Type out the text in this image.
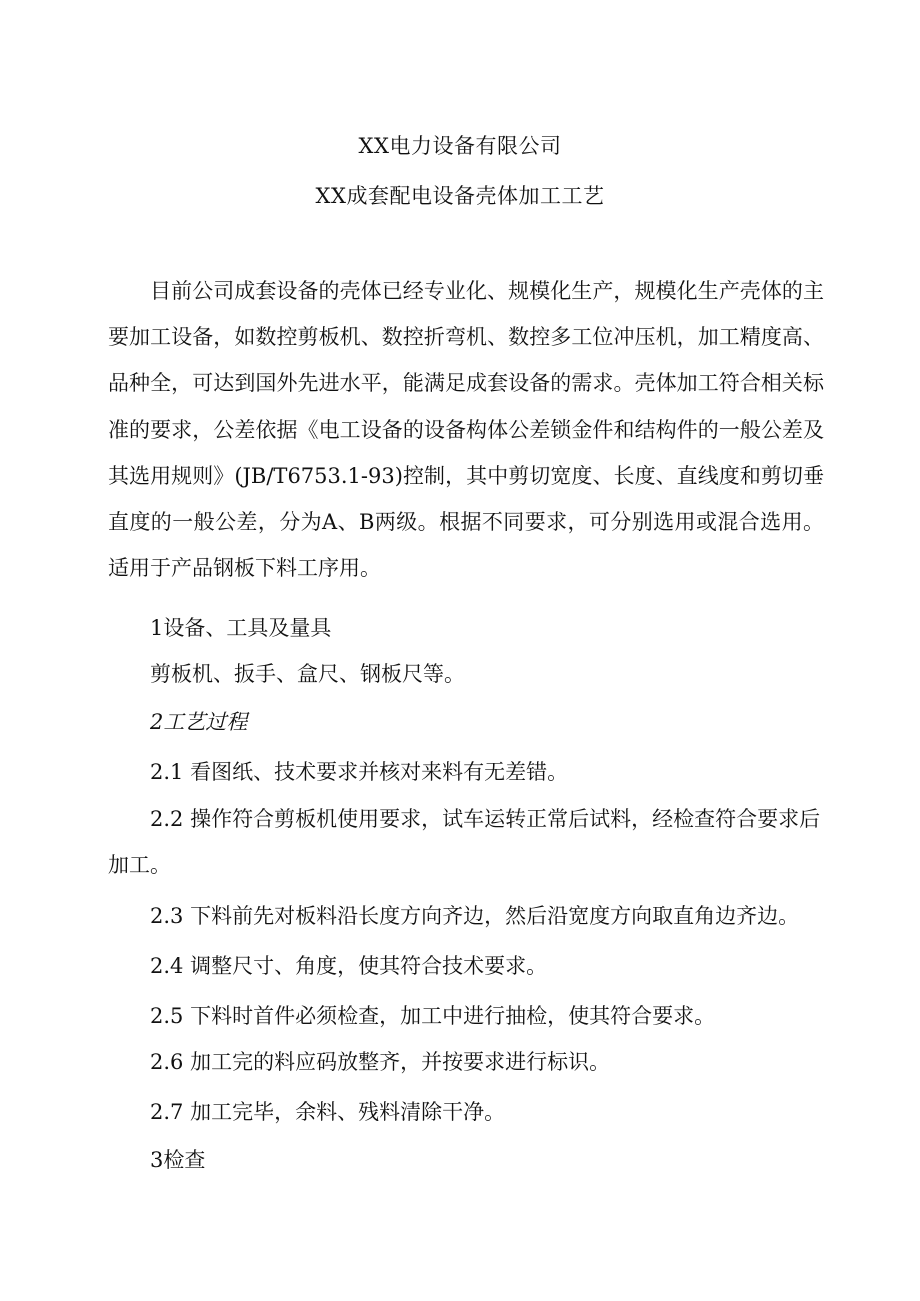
XX电力设备有限公司
XX成套配电设备壳体加工工艺

目前公司成套设备的壳体已经专业化、规模化生产，规模化生产壳体的主要加工设备，如数控剪板机、数控折弯机、数控多工位冲压机，加工精度高、品种全，可达到国外先进水平，能满足成套设备的需求。壳体加工符合相关标准的要求，公差依据《电工设备的设备构体公差锁金件和结构件的一般公差及其选用规则》(JB/T6753.1-93)控制，其中剪切宽度、长度、直线度和剪切垂直度的一般公差，分为A、B两级。根据不同要求，可分别选用或混合选用。适用于产品钢板下料工序用。

1设备、工具及量具

剪板机、扳手、盒尺、钢板尺等。

2工艺过程

2.1 看图纸、技术要求并核对来料有无差错。

2.2 操作符合剪板机使用要求，试车运转正常后试料，经检查符合要求后加工。

2.3 下料前先对板料沿长度方向齐边，然后沿宽度方向取直角边齐边。

2.4 调整尺寸、角度，使其符合技术要求。

2.5 下料时首件必须检查，加工中进行抽检，使其符合要求。

2.6 加工完的料应码放整齐，并按要求进行标识。

2.7 加工完毕，余料、残料清除干净。

3检查
